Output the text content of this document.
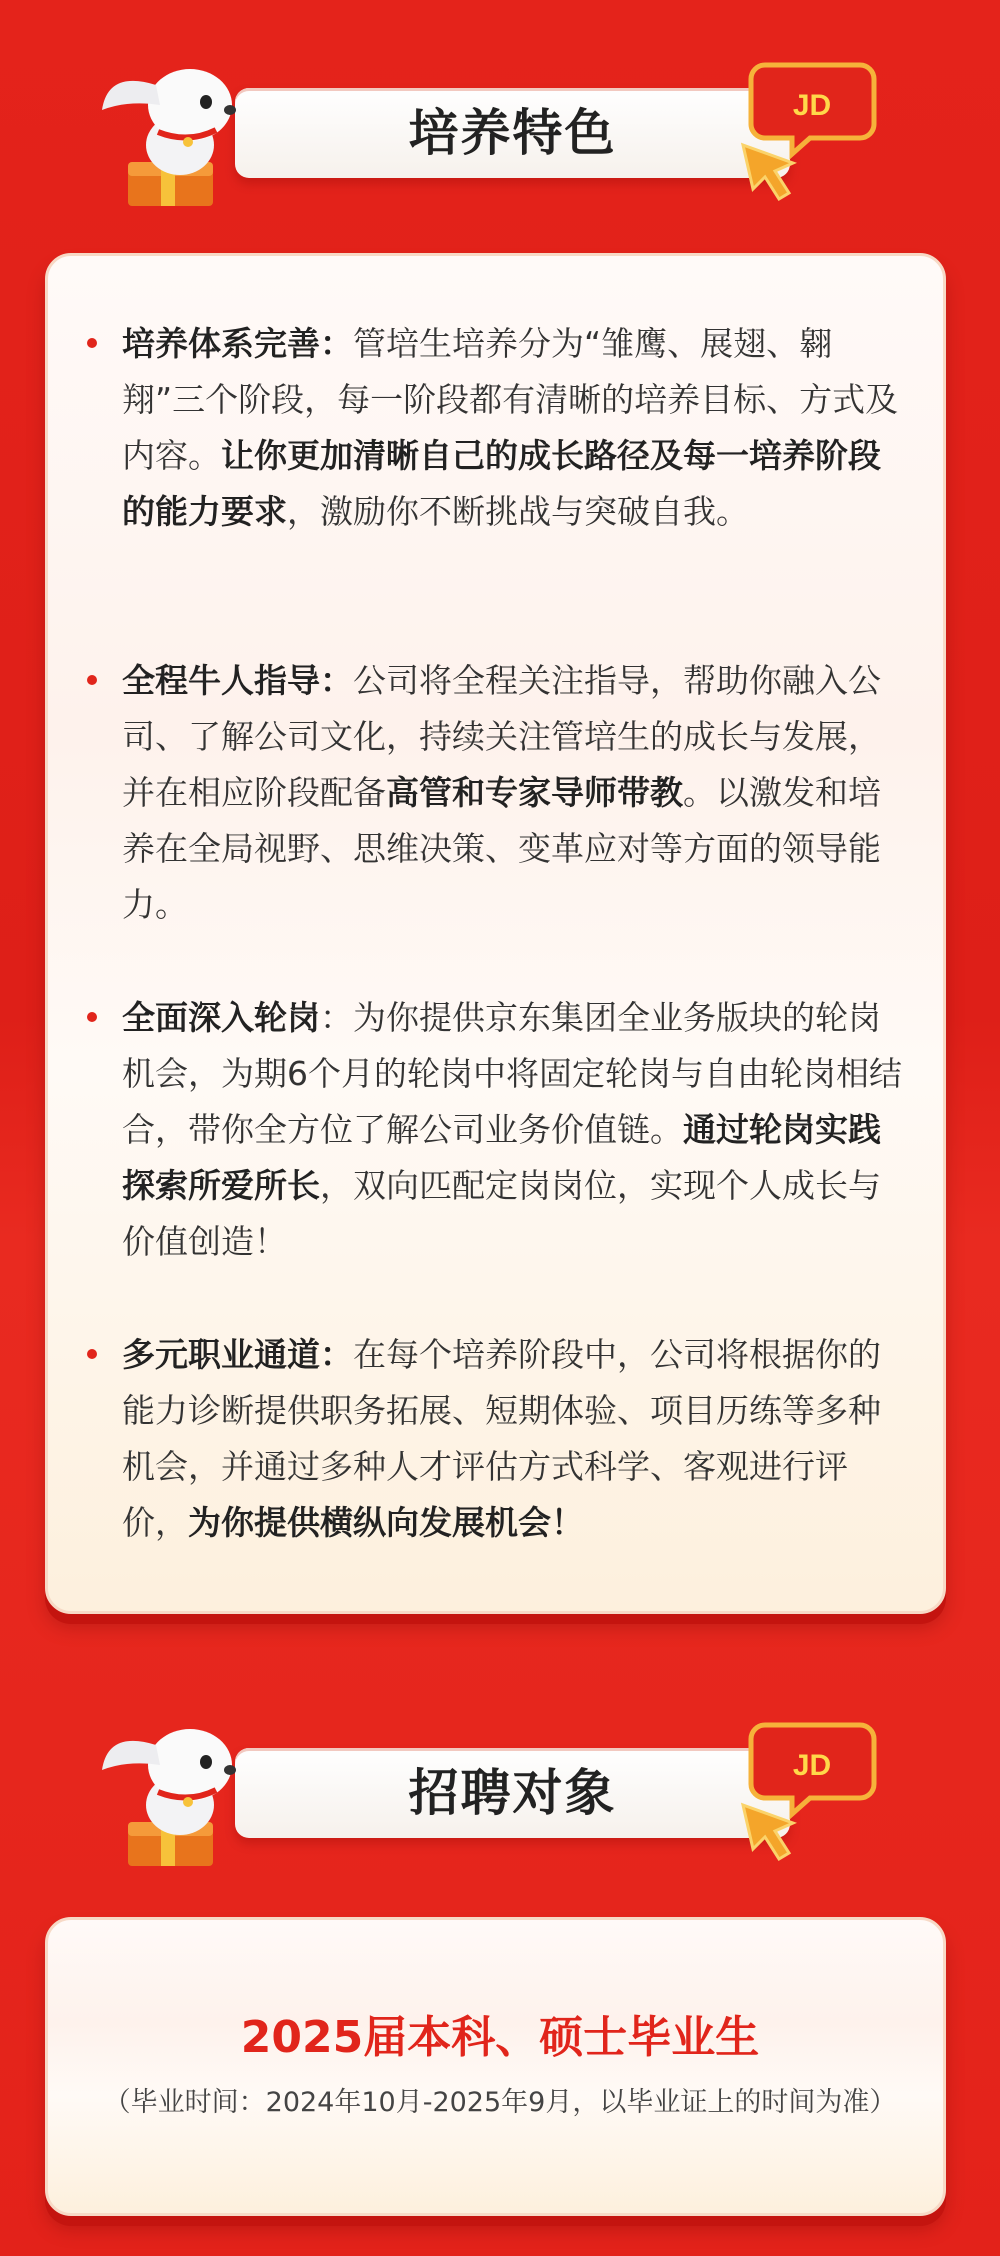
培养特色	JD
培养体系完善：管培生培养分为“雏鹰、展翅、翱翔”三个阶段，每一阶段都有清晰的培养目标、方式及内容。让你更加清晰自己的成长路径及每一培养阶段的能力要求，激励你不断挑战与突破自我。
全程牛人指导：公司将全程关注指导，帮助你融入公司、了解公司文化，持续关注管培生的成长与发展，并在相应阶段配备高管和专家导师带教。以激发和培养在全局视野、思维决策、变革应对等方面的领导能力。
全面深入轮岗：为你提供京东集团全业务版块的轮岗机会，为期6个月的轮岗中将固定轮岗与自由轮岗相结合，带你全方位了解公司业务价值链。通过轮岗实践探索所爱所长，双向匹配定岗岗位，实现个人成长与价值创造！
多元职业通道：在每个培养阶段中，公司将根据你的能力诊断提供职务拓展、短期体验、项目历练等多种机会，并通过多种人才评估方式科学、客观进行评价，为你提供横纵向发展机会！
招聘对象	JD
2025届本科、硕士毕业生
（毕业时间：2024年10月-2025年9月，以毕业证上的时间为准）
